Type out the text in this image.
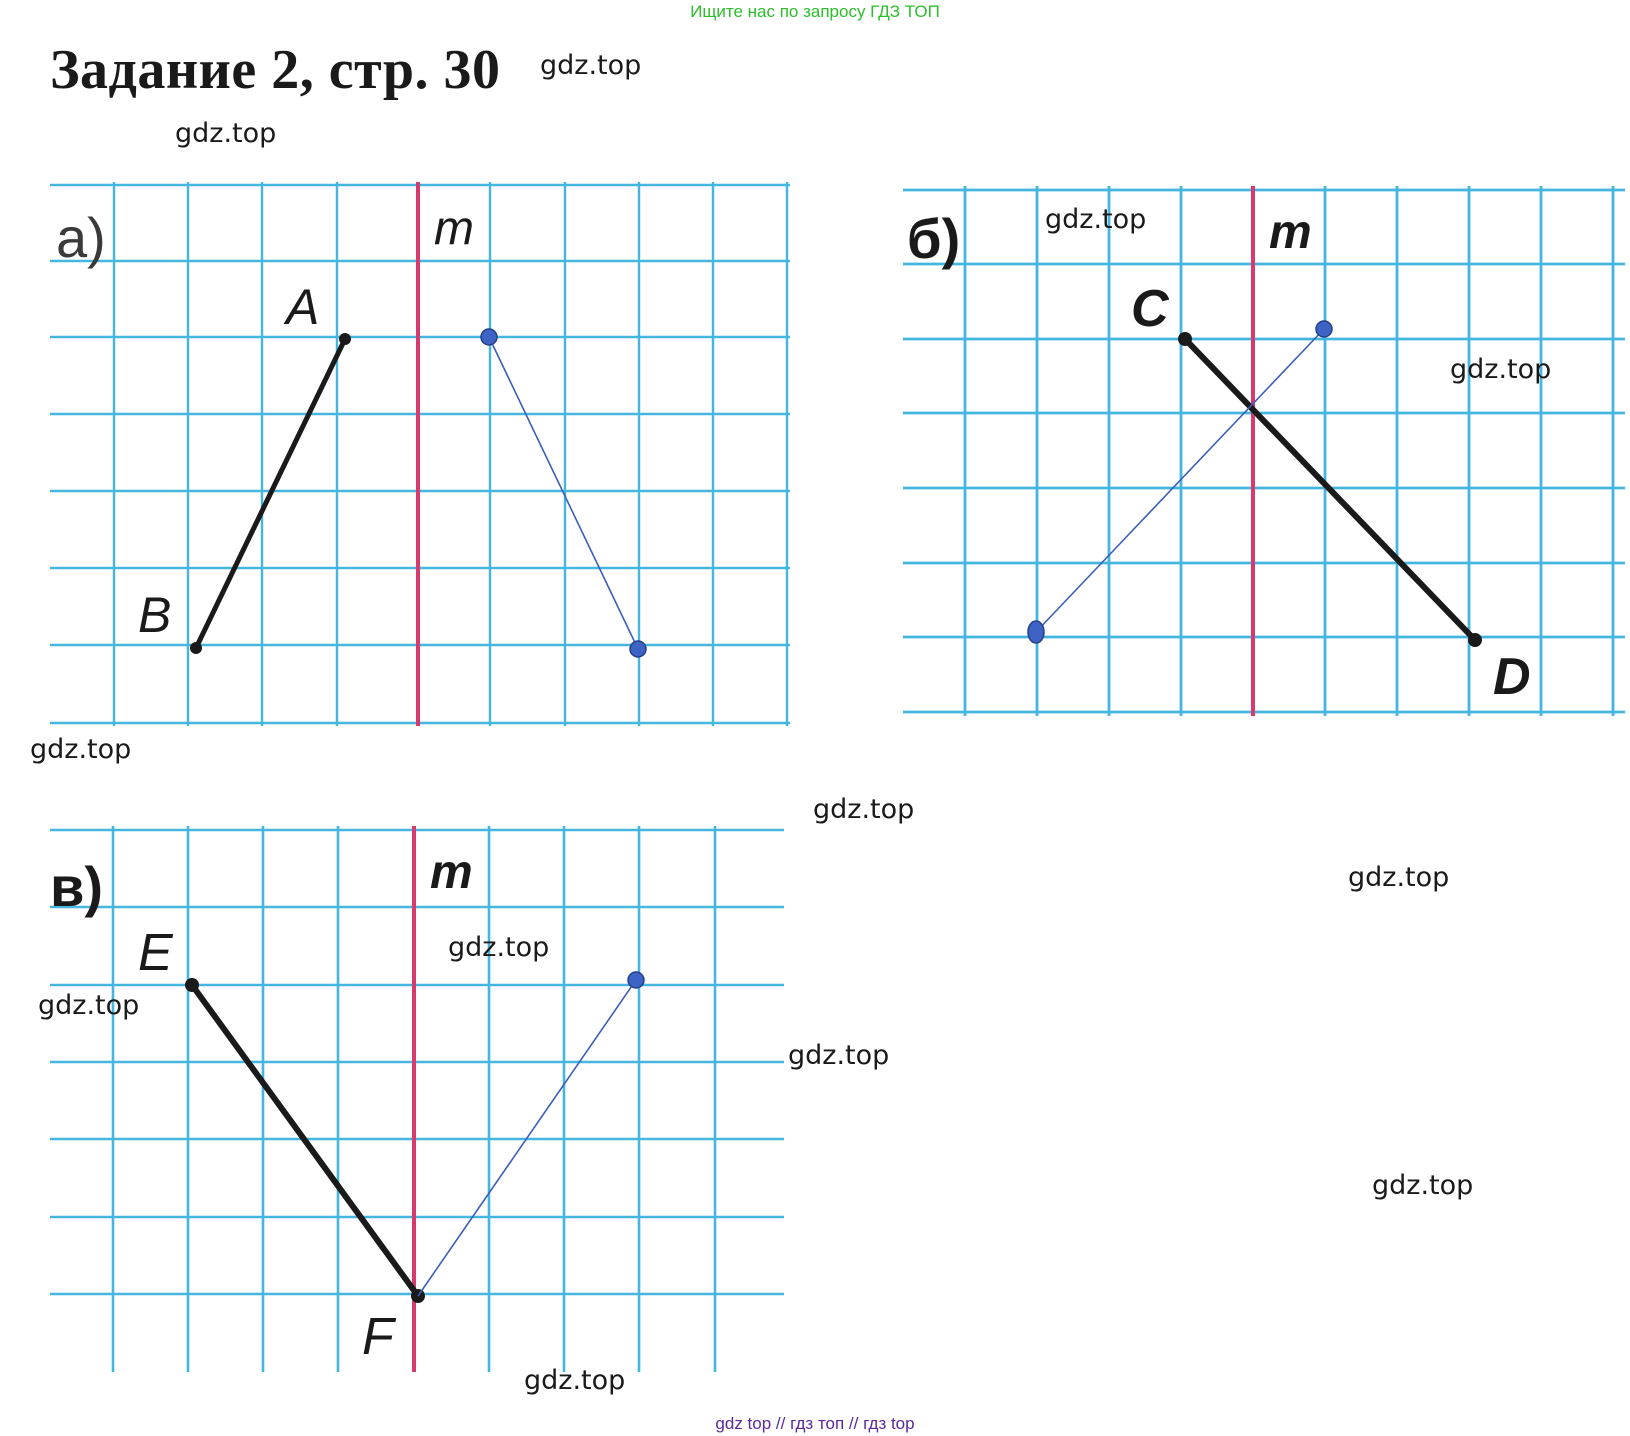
Ищите нас по запросу ГДЗ ТОП
Задание 2, стр. 30 gdz.top
gdz.top
gdz.top
gdz.top
gdz.top
gdz.top
gdz.top
gdz.top
а)	m
A
B
б)	m
C
D
в)	m
E
F
gdz.top
gdz.top
gdz.top
gdz.top
gdz top // гдз топ // гдз top
